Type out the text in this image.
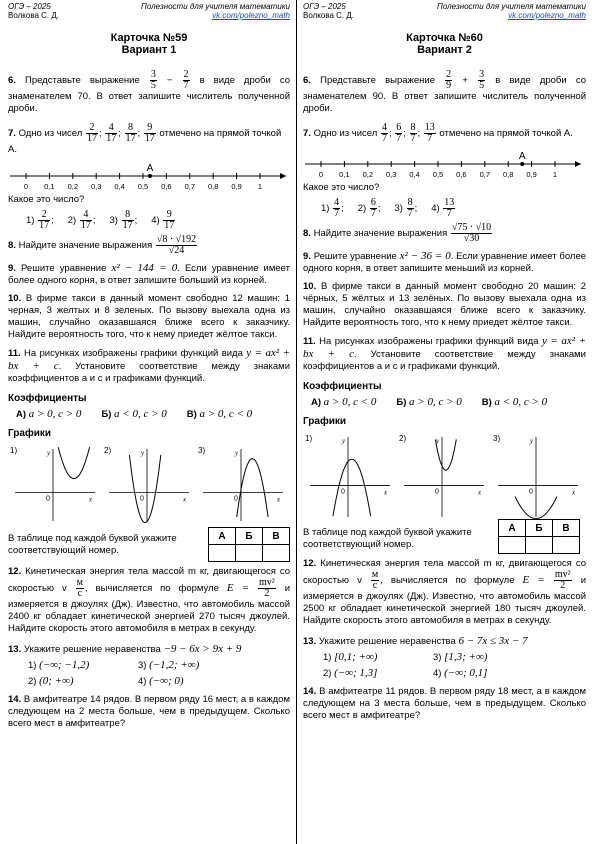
ОГЭ – 2025
Волкова С. Д.
Полезности для учителя математики
vk.com/polezno_math
Карточка №59
Вариант 1
6. Представьте выражение $\frac{3}{5} - \frac{2}{7}$ в виде дроби со знаменателем 70. В ответ запишите числитель полученной дроби.
7. Одно из чисел $\frac{2}{17}$ ; $\frac{4}{17}$ ; $\frac{8}{17}$ ; $\frac{9}{17}$ отмечено на прямой точкой А.
0 0,1 0,2 0,3 0,4 0,5 0,6 0,7 0,8 0,9 1
А
Какое это число?
$1) \frac{2}{17}$ ; $2) \frac{4}{17}$ ; $3) \frac{8}{17}$ ; $4) \frac{9}{17}$
8. Найдите значение выражения $\frac{√8 \cdot √192}{√24}$
9. Решите уравнение x² − 144 = 0. Если уравнение имеет более одного корня, в ответ запишите больший из корней.
10. В фирме такси в данный момент свободно 12 машин: 1 черная, 3 желтых и 8 зеленых. По вызову выехала одна из машин, случайно оказавшаяся ближе всего к заказчику. Найдите вероятность того, что к нему приедет жёлтое такси.
11. На рисунках изображены графики функций вида y = ax² + bx + c. Установите соответствие между знаками коэффициентов a и c и графиками функций.
Коэффициенты
А) a > 0, c > 0 Б) a < 0, c > 0 В) a > 0, c < 0
Графики
1)	y
x
0
2)	y
x
0
3)	y
x
0
В таблице под каждой буквой укажите соответствующий номер.
А	Б	В

12. Кинетическая энергия тела массой m кг, двигающегося со скоростью v $\frac{м}{с}$ , вычисляется по формуле $E = \frac{\text{mv²}}{2}$ и измеряется в джоулях (Дж). Известно, что автомобиль массой 2400 кг обладает кинетической энергией 270 тысяч джоулей. Найдите скорость этого автомобиля в метрах в секунду.
13. Укажите решение неравенства −9 − 6x > 9x + 9
1) (−∞; −1,2)	3) (−1,2; +∞)
2) (0; +∞)	4) (−∞; 0)
14. В амфитеатре 14 рядов. В первом ряду 16 мест, а в каждом следующем на 2 места больше, чем в предыдущем. Сколько всего мест в амфитеатре?
ОГЭ – 2025
Волкова С. Д.
Полезности для учителя математики
vk.com/polezno_math
Карточка №60
Вариант 2
6. Представьте выражение $\frac{2}{9} + \frac{3}{5}$ в виде дроби со знаменателем 90. В ответ запишите числитель полученной дроби.
7. Одно из чисел $\frac{4}{7}$ ; $\frac{6}{7}$ ; $\frac{8}{7}$ ; $\frac{13}{7}$ отмечено на прямой точкой А.
0 0,1 0,2 0,3 0,4 0,5 0,6 0,7 0,8 0,9 1
А
Какое это число?
$1) \frac{4}{7}$ ; $2) \frac{6}{7}$ ; $3) \frac{8}{7}$ ; $4) \frac{13}{7}$
8. Найдите значение выражения $\frac{√75 \cdot √10}{√30}$
9. Решите уравнение x² − 36 = 0. Если уравнение имеет более одного корня, в ответ запишите меньший из корней.
10. В фирме такси в данный момент свободно 20 машин: 2 чёрных, 5 жёлтых и 13 зелёных. По вызову выехала одна из машин, случайно оказавшаяся ближе всего к заказчику. Найдите вероятность того, что к нему приедет жёлтое такси.
11. На рисунках изображены графики функций вида y = ax² + bx + c. Установите соответствие между знаками коэффициентов a и c и графиками функций.
Коэффициенты
А) a > 0, c < 0 Б) a > 0, c > 0 В) a < 0, c > 0
Графики
1)	y
x
0
2)	y
x
0
3)	y
x
0
В таблице под каждой буквой укажите соответствующий номер.
А	Б	В

12. Кинетическая энергия тела массой m кг, двигающегося со скоростью v $\frac{м}{с}$ , вычисляется по формуле $E = \frac{\text{mv²}}{2}$ и измеряется в джоулях (Дж). Известно, что автомобиль массой 2500 кг обладает кинетической энергией 180 тысяч джоулей. Найдите скорость этого автомобиля в метрах в секунду.
13. Укажите решение неравенства 6 − 7x ≤ 3x − 7
1) [0,1; +∞)	3) [1,3; +∞)
2) (−∞; 1,3]	4) (−∞; 0,1]
14. В амфитеатре 11 рядов. В первом ряду 18 мест, а в каждом следующем на 3 места больше, чем в предыдущем. Сколько всего мест в амфитеатре?
